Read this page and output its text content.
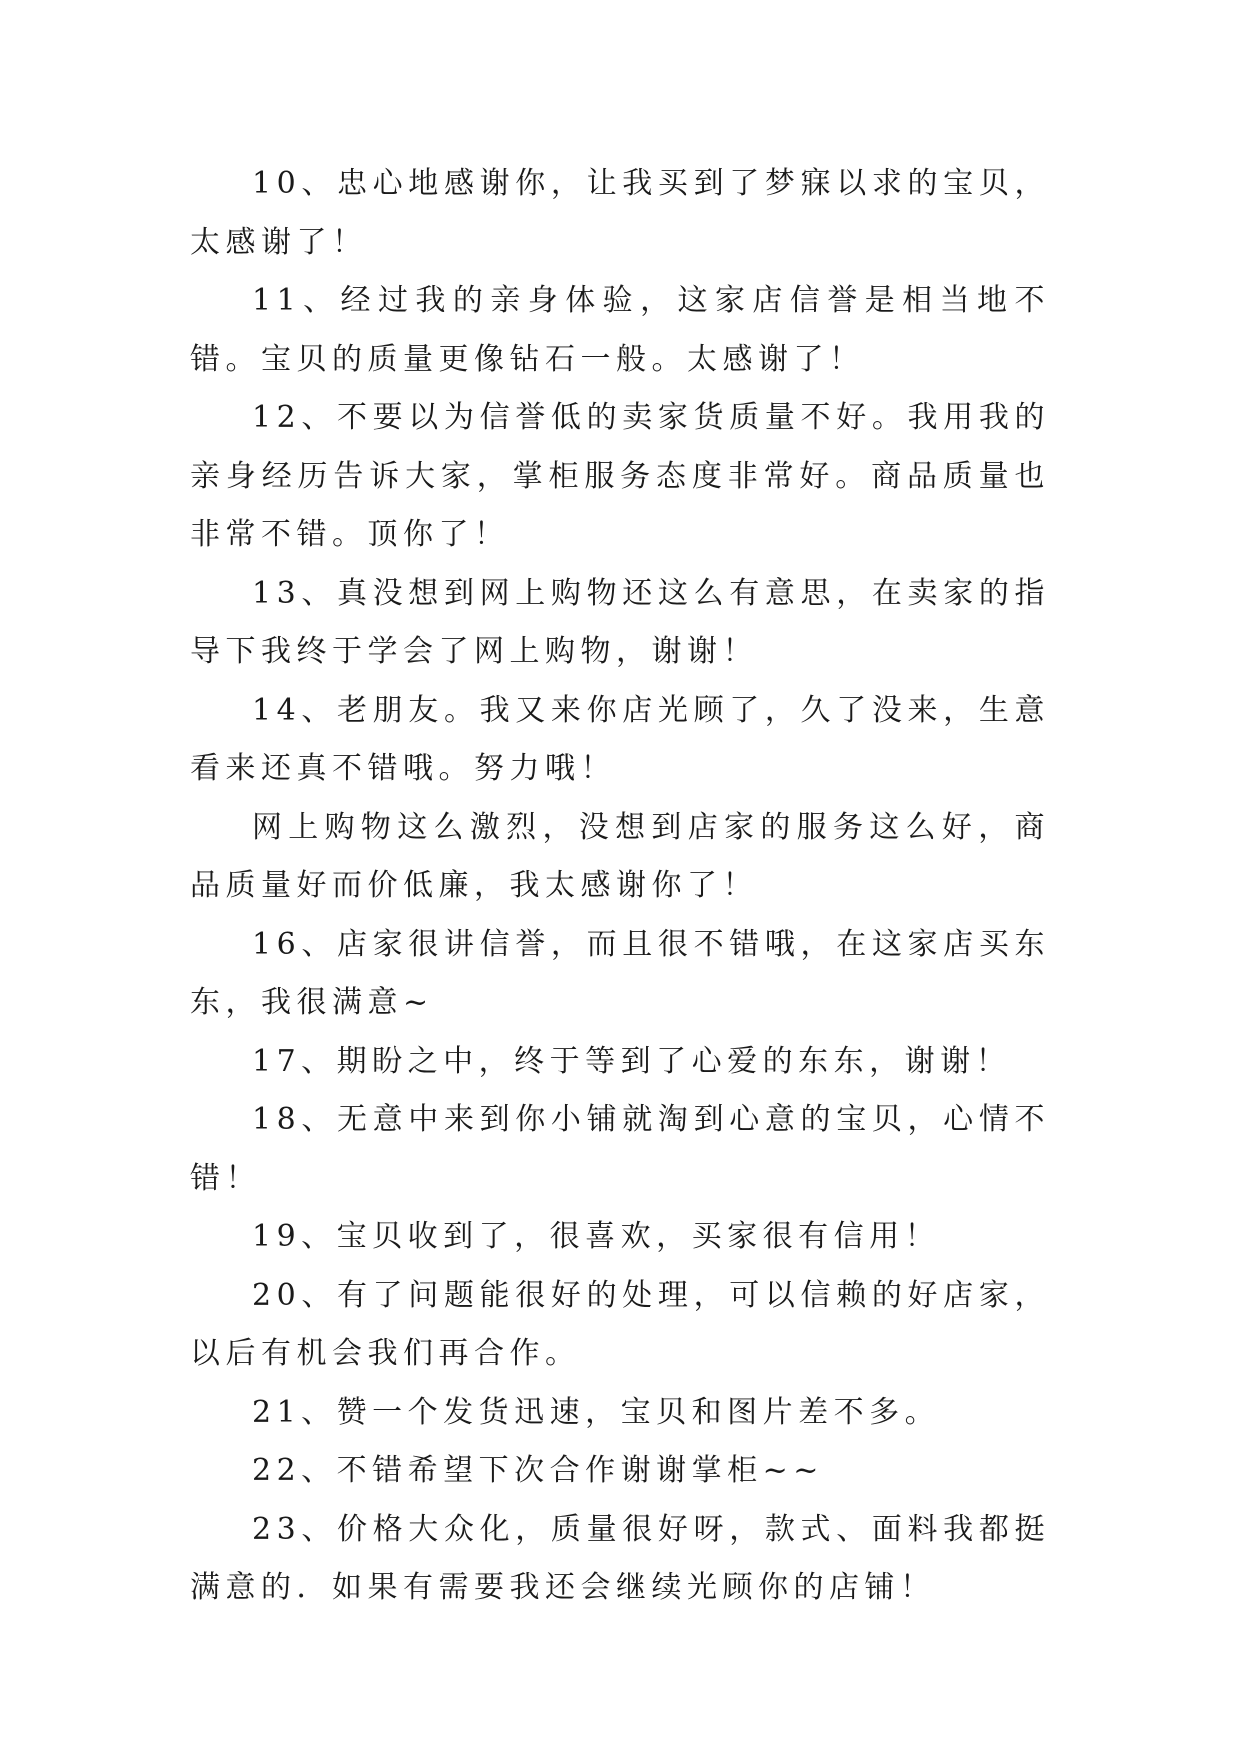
10、忠心地感谢你，让我买到了梦寐以求的宝贝，太感谢了！

11、经过我的亲身体验，这家店信誉是相当地不错。宝贝的质量更像钻石一般。太感谢了！

12、不要以为信誉低的卖家货质量不好。我用我的亲身经历告诉大家，掌柜服务态度非常好。商品质量也非常不错。顶你了！

13、真没想到网上购物还这么有意思，在卖家的指导下我终于学会了网上购物，谢谢！

14、老朋友。我又来你店光顾了，久了没来，生意看来还真不错哦。努力哦！

网上购物这么激烈，没想到店家的服务这么好，商品质量好而价低廉，我太感谢你了！

16、店家很讲信誉，而且很不错哦，在这家店买东东，我很满意~

17、期盼之中，终于等到了心爱的东东，谢谢！

18、无意中来到你小铺就淘到心意的宝贝，心情不错！

19、宝贝收到了，很喜欢，买家很有信用！

20、有了问题能很好的处理，可以信赖的好店家，以后有机会我们再合作。

21、赞一个发货迅速，宝贝和图片差不多。

22、不错希望下次合作谢谢掌柜~~

23、价格大众化，质量很好呀，款式、面料我都挺满意的．如果有需要我还会继续光顾你的店铺！
